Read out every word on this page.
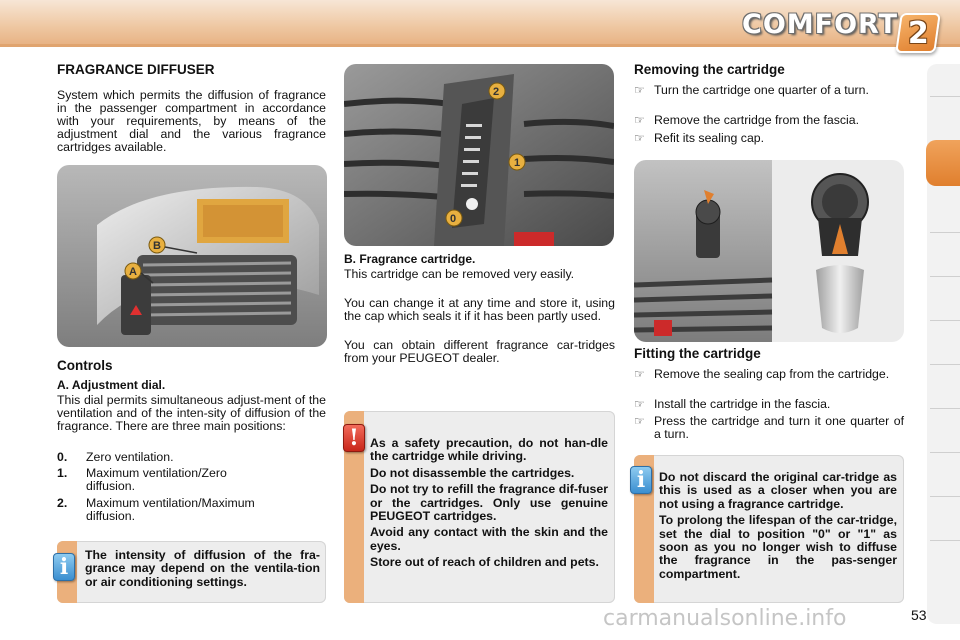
COMFORT 2
FRAGRANCE DIFFUSER
System which permits the diffusion of fragrance in the passenger compartment in accordance with your requirements, by means of the adjustment dial and the various fragrance cartridges available.
B
A
Controls
A. Adjustment dial.
This dial permits simultaneous adjust-ment of the ventilation and of the inten-sity of diffusion of the fragrance. There are three main positions:
0.	Zero ventilation.
1.	Maximum ventilation/Zero diffusion.
2.	Maximum ventilation/Maximum diffusion.

The intensity of diffusion of the fra-grance may depend on the ventila-tion or air conditioning settings.

i
2
1
0
B. Fragrance cartridge.
This cartridge can be removed very easily.
You can change it at any time and store it, using the cap which seals it if it has been partly used.
You can obtain different fragrance car-tridges from your PEUGEOT dealer.

As a safety precaution, do not han-dle the cartridge while driving.

Do not disassemble the cartridges.

Do not try to refill the fragrance dif-fuser or the cartridges. Only use genuine PEUGEOT cartridges.

Avoid any contact with the skin and the eyes.

Store out of reach of children and pets.

!
Removing the cartridge
☞ Turn the cartridge one quarter of a turn.
☞ Remove the cartridge from the fascia.
☞ Refit its sealing cap.
Fitting the cartridge
☞ Remove the sealing cap from the cartridge.
☞ Install the cartridge in the fascia.
☞ Press the cartridge and turn it one quarter of a turn.

Do not discard the original car-tridge as this is used as a closer when you are not using a fragrance cartridge.

To prolong the lifespan of the car-tridge, set the dial to position "0" or "1" as soon as you no longer wish to diffuse the fragrance in the pas-senger compartment.

i
carmanualsonline.info	53
